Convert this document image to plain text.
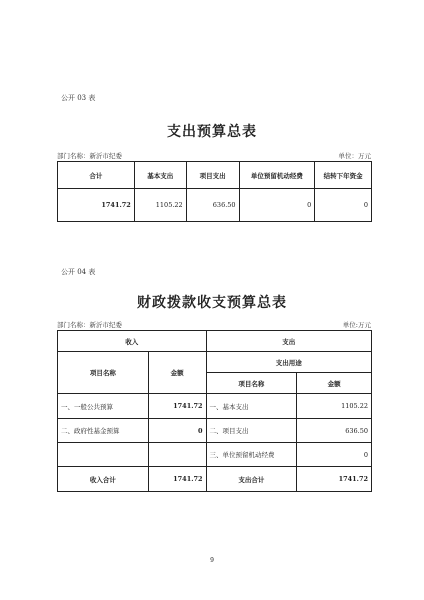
公开 03 表
支出预算总表
部门名称：新沂市纪委	单位：万元
合计	基本支出	项目支出	单位预留机动经费	结转下年资金
1741.72	1105.22	636.50	0	0
公开 04 表
财政拨款收支预算总表
部门名称：新沂市纪委	单位:万元
收入		支出	
项目名称	金额	支出用途	
		项目名称	金额
一、一般公共预算	1741.72	一、基本支出	1105.22
二、政府性基金预算	0	二、项目支出	636.50
		三、单位预留机动经费	0
收入合计	1741.72	支出合计	1741.72
9
